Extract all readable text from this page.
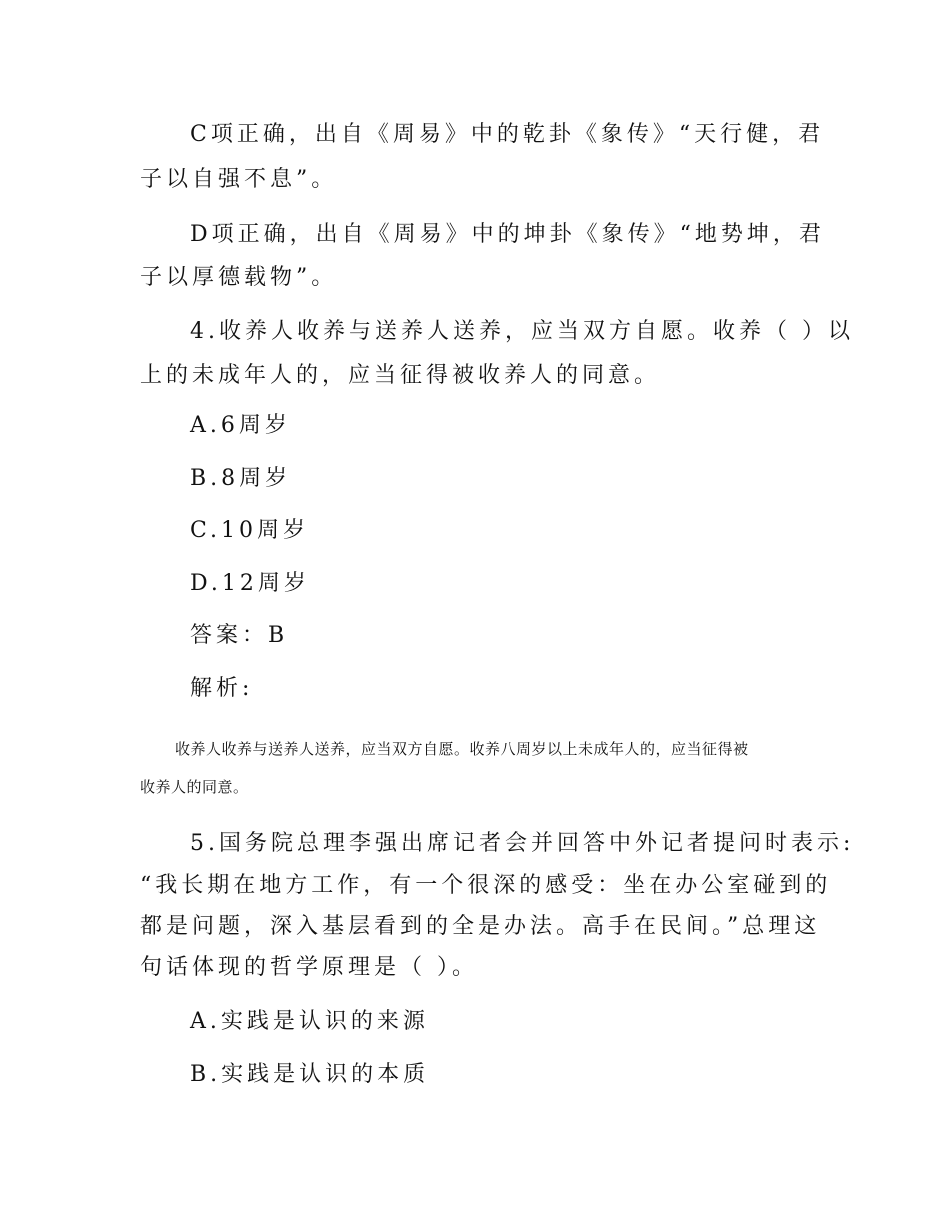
C项正确，出自《周易》中的乾卦《象传》“天行健，君

子以自强不息”。

D项正确，出自《周易》中的坤卦《象传》“地势坤，君

子以厚德载物”。

4.收养人收养与送养人送养，应当双方自愿。收养（ ）以

上的未成年人的，应当征得被收养人的同意。

A.6周岁

B.8周岁

C.10周岁

D.12周岁

答案：B

解析:

收养人收养与送养人送养，应当双方自愿。收养八周岁以上未成年人的，应当征得被

收养人的同意。

5.国务院总理李强出席记者会并回答中外记者提问时表示:

“我长期在地方工作，有一个很深的感受：坐在办公室碰到的

都是问题，深入基层看到的全是办法。高手在民间。”总理这

句话体现的哲学原理是（ ）。

A.实践是认识的来源

B.实践是认识的本质
